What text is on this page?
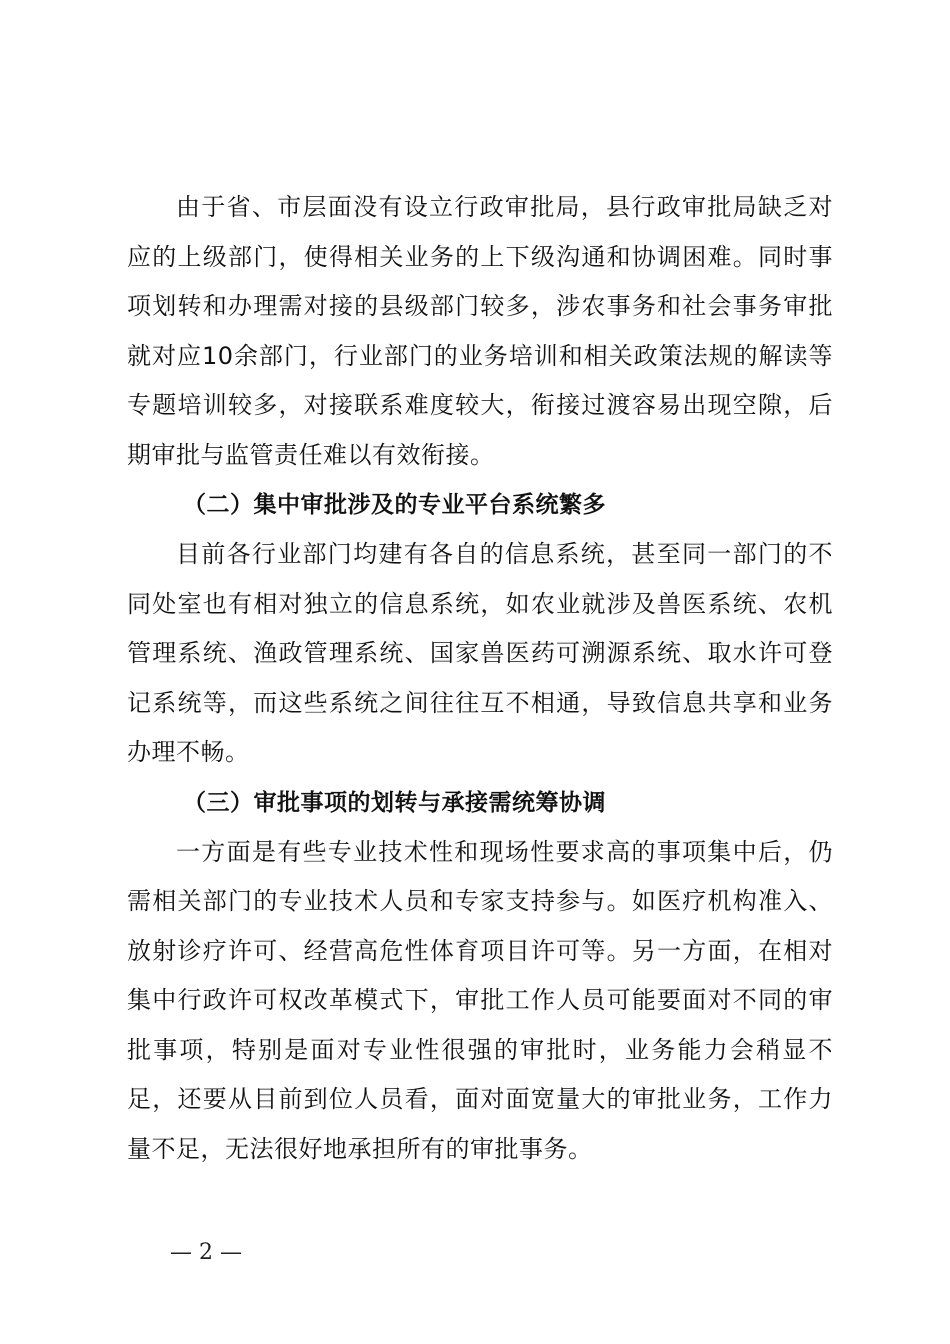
由于省、市层面没有设立行政审批局，县行政审批局缺乏对应的上级部门，使得相关业务的上下级沟通和协调困难。同时事项划转和办理需对接的县级部门较多，涉农事务和社会事务审批就对应10余部门，行业部门的业务培训和相关政策法规的解读等专题培训较多，对接联系难度较大，衔接过渡容易出现空隙，后期审批与监管责任难以有效衔接。

（二）集中审批涉及的专业平台系统繁多

目前各行业部门均建有各自的信息系统，甚至同一部门的不同处室也有相对独立的信息系统，如农业就涉及兽医系统、农机管理系统、渔政管理系统、国家兽医药可溯源系统、取水许可登记系统等，而这些系统之间往往互不相通，导致信息共享和业务办理不畅。

（三）审批事项的划转与承接需统筹协调

一方面是有些专业技术性和现场性要求高的事项集中后，仍需相关部门的专业技术人员和专家支持参与。如医疗机构准入、放射诊疗许可、经营高危性体育项目许可等。另一方面，在相对集中行政许可权改革模式下，审批工作人员可能要面对不同的审批事项，特别是面对专业性很强的审批时，业务能力会稍显不足，还要从目前到位人员看，面对面宽量大的审批业务，工作力量不足，无法很好地承担所有的审批事务。

— 2 —
